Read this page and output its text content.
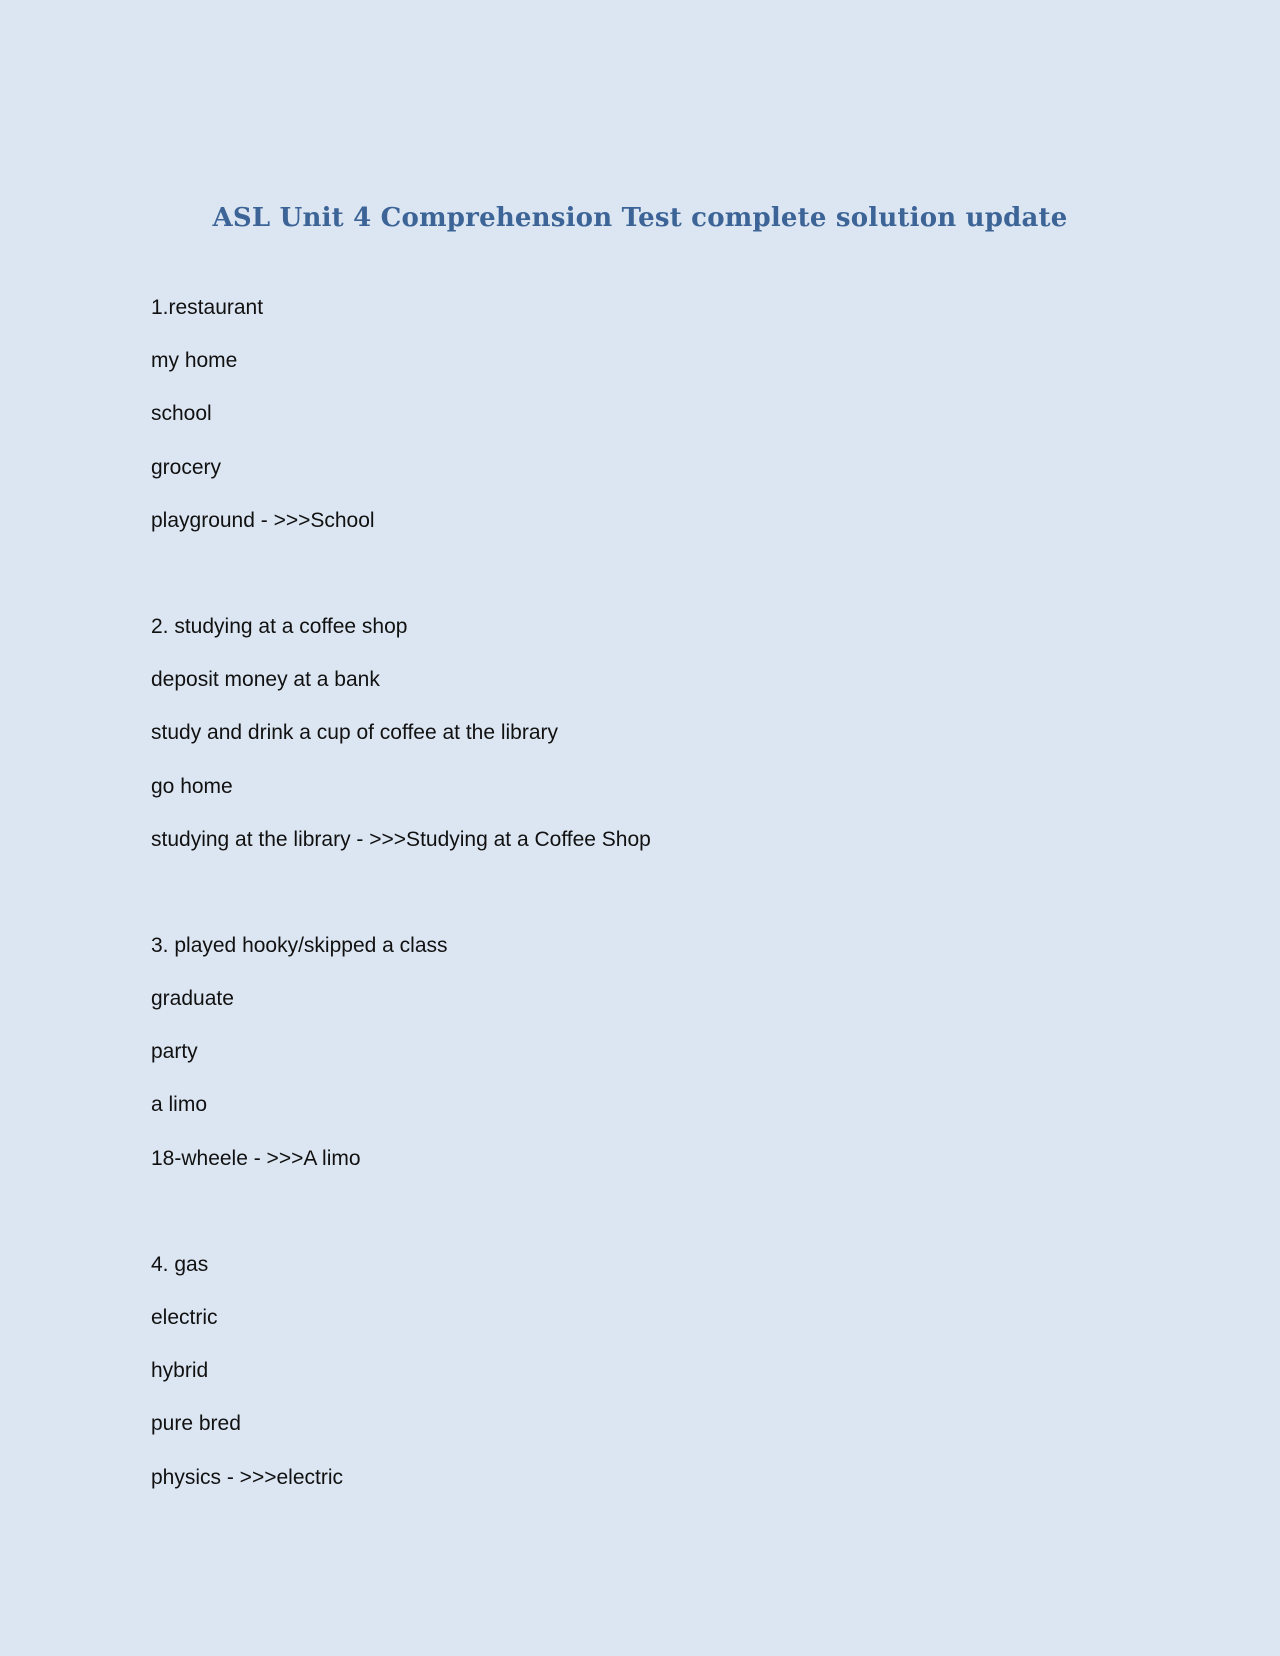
ASL Unit 4 Comprehension Test complete solution update

1.restaurant

my home

school

grocery

playground - >>>School

2. studying at a coffee shop

deposit money at a bank

study and drink a cup of coffee at the library

go home

studying at the library - >>>Studying at a Coffee Shop

3. played hooky/skipped a class

graduate

party

a limo

18-wheele - >>>A limo

4. gas

electric

hybrid

pure bred

physics - >>>electric
